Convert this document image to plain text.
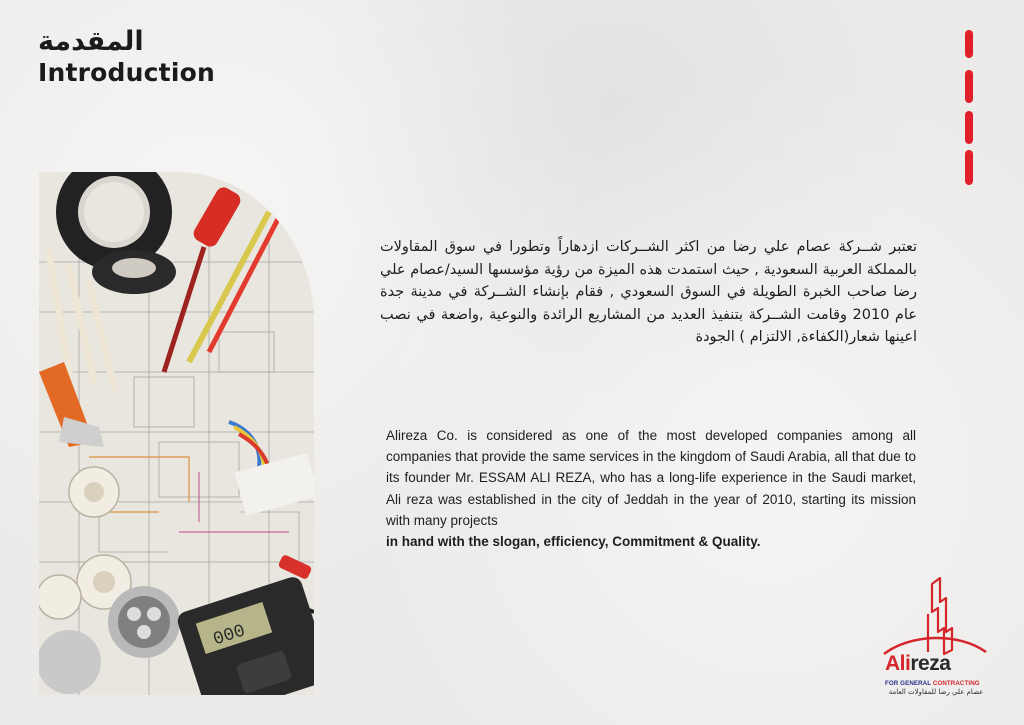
المقدمة
Introduction
000
تعتبر شــركة عصام علي رضا من اكثر الشــركات ازدهاراً وتطورا في سوق المقاولات بالمملكة العربية السعودية , حيث استمدت هذه الميزة من رؤية مؤسسها السيد/عصام علي رضا صاحب الخبرة الطويلة في السوق السعودي , فقام بإنشاء الشــركة في مدينة جدة عام 2010 وقامت الشــركة بتنفيذ العديد من المشاريع الرائدة والنوعية ,واضعة في نصب اعينها شعار(الكفاءة, الالتزام ) الجودة
Alireza Co. is considered as one of the most developed companies among all companies that provide the same services in the kingdom of Saudi Arabia, all that due to its founder Mr. ESSAM ALI REZA, who has a long-life experience in the Saudi market, Ali reza was established in the city of Jeddah in the year of 2010, starting its mission with many projects
in hand with the slogan, efficiency, Commitment & Quality.
Alireza
FOR GENERAL CONTRACTING
عصام علي رضا للمقاولات العامة
